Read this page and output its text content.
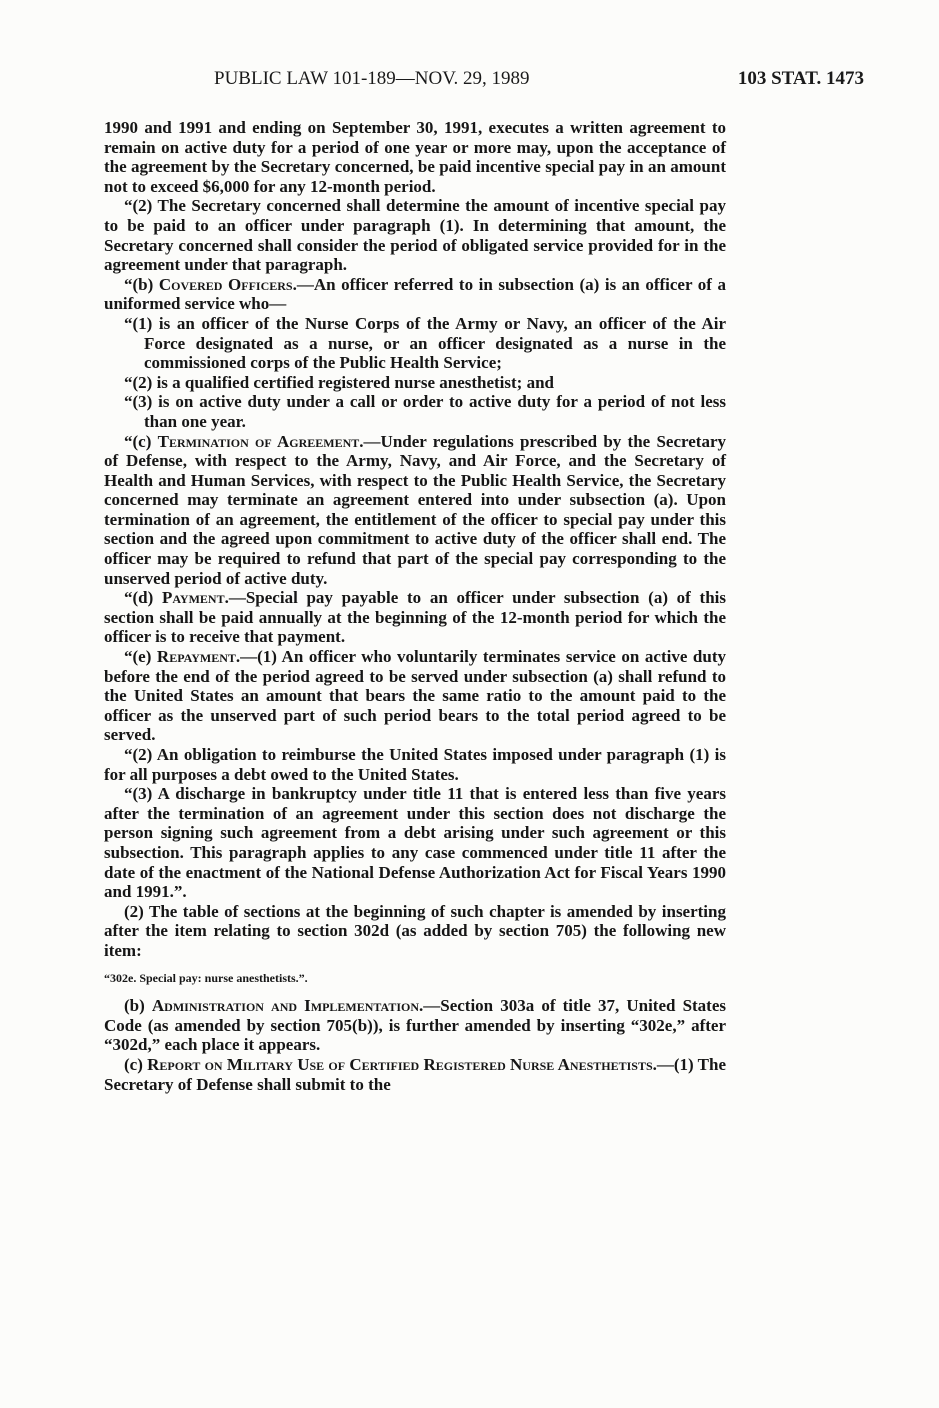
PUBLIC LAW 101-189—NOV. 29, 1989	103 STAT. 1473

1990 and 1991 and ending on September 30, 1991, executes a written agreement to remain on active duty for a period of one year or more may, upon the acceptance of the agreement by the Secretary concerned, be paid incentive special pay in an amount not to exceed $6,000 for any 12-month period.

“(2) The Secretary concerned shall determine the amount of incentive special pay to be paid to an officer under paragraph (1). In determining that amount, the Secretary concerned shall consider the period of obligated service provided for in the agreement under that paragraph.

“(b) Covered Officers.—An officer referred to in subsection (a) is an officer of a uniformed service who—

“(1) is an officer of the Nurse Corps of the Army or Navy, an officer of the Air Force designated as a nurse, or an officer designated as a nurse in the commissioned corps of the Public Health Service;

“(2) is a qualified certified registered nurse anesthetist; and

“(3) is on active duty under a call or order to active duty for a period of not less than one year.

“(c) Termination of Agreement.—Under regulations prescribed by the Secretary of Defense, with respect to the Army, Navy, and Air Force, and the Secretary of Health and Human Services, with respect to the Public Health Service, the Secretary concerned may terminate an agreement entered into under subsection (a). Upon termination of an agreement, the entitlement of the officer to special pay under this section and the agreed upon commitment to active duty of the officer shall end. The officer may be required to refund that part of the special pay corresponding to the unserved period of active duty.

“(d) Payment.—Special pay payable to an officer under subsection (a) of this section shall be paid annually at the beginning of the 12-month period for which the officer is to receive that payment.

“(e) Repayment.—(1) An officer who voluntarily terminates service on active duty before the end of the period agreed to be served under subsection (a) shall refund to the United States an amount that bears the same ratio to the amount paid to the officer as the unserved part of such period bears to the total period agreed to be served.

“(2) An obligation to reimburse the United States imposed under paragraph (1) is for all purposes a debt owed to the United States.

“(3) A discharge in bankruptcy under title 11 that is entered less than five years after the termination of an agreement under this section does not discharge the person signing such agreement from a debt arising under such agreement or this subsection. This paragraph applies to any case commenced under title 11 after the date of the enactment of the National Defense Authorization Act for Fiscal Years 1990 and 1991.”.

(2) The table of sections at the beginning of such chapter is amended by inserting after the item relating to section 302d (as added by section 705) the following new item:

“302e. Special pay: nurse anesthetists.”.

(b) Administration and Implementation.—Section 303a of title 37, United States Code (as amended by section 705(b)), is further amended by inserting “302e,” after “302d,” each place it appears.

(c) Report on Military Use of Certified Registered Nurse Anesthetists.—(1) The Secretary of Defense shall submit to the
